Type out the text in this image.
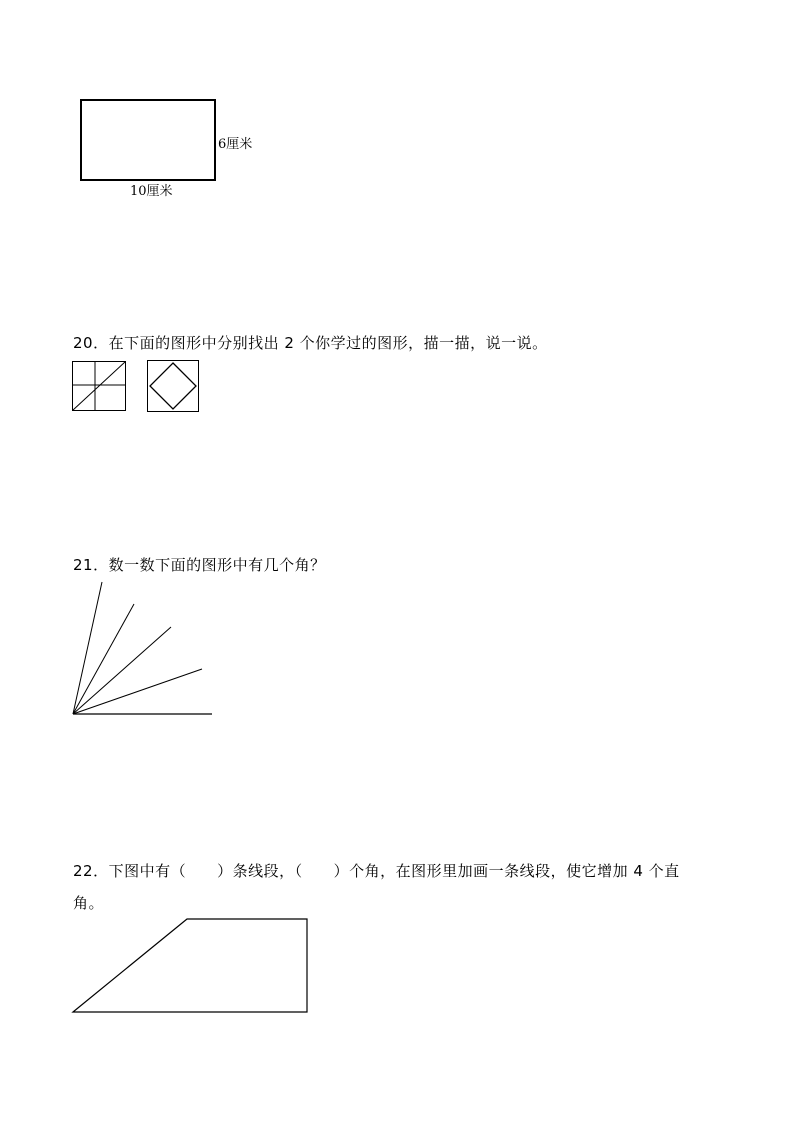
6厘米
10厘米
20．在下面的图形中分别找出 2 个你学过的图形，描一描，说一说。
21．数一数下面的图形中有几个角？
22．下图中有（　　）条线段，（　　）个角，在图形里加画一条线段，使它增加 4 个直
角。
